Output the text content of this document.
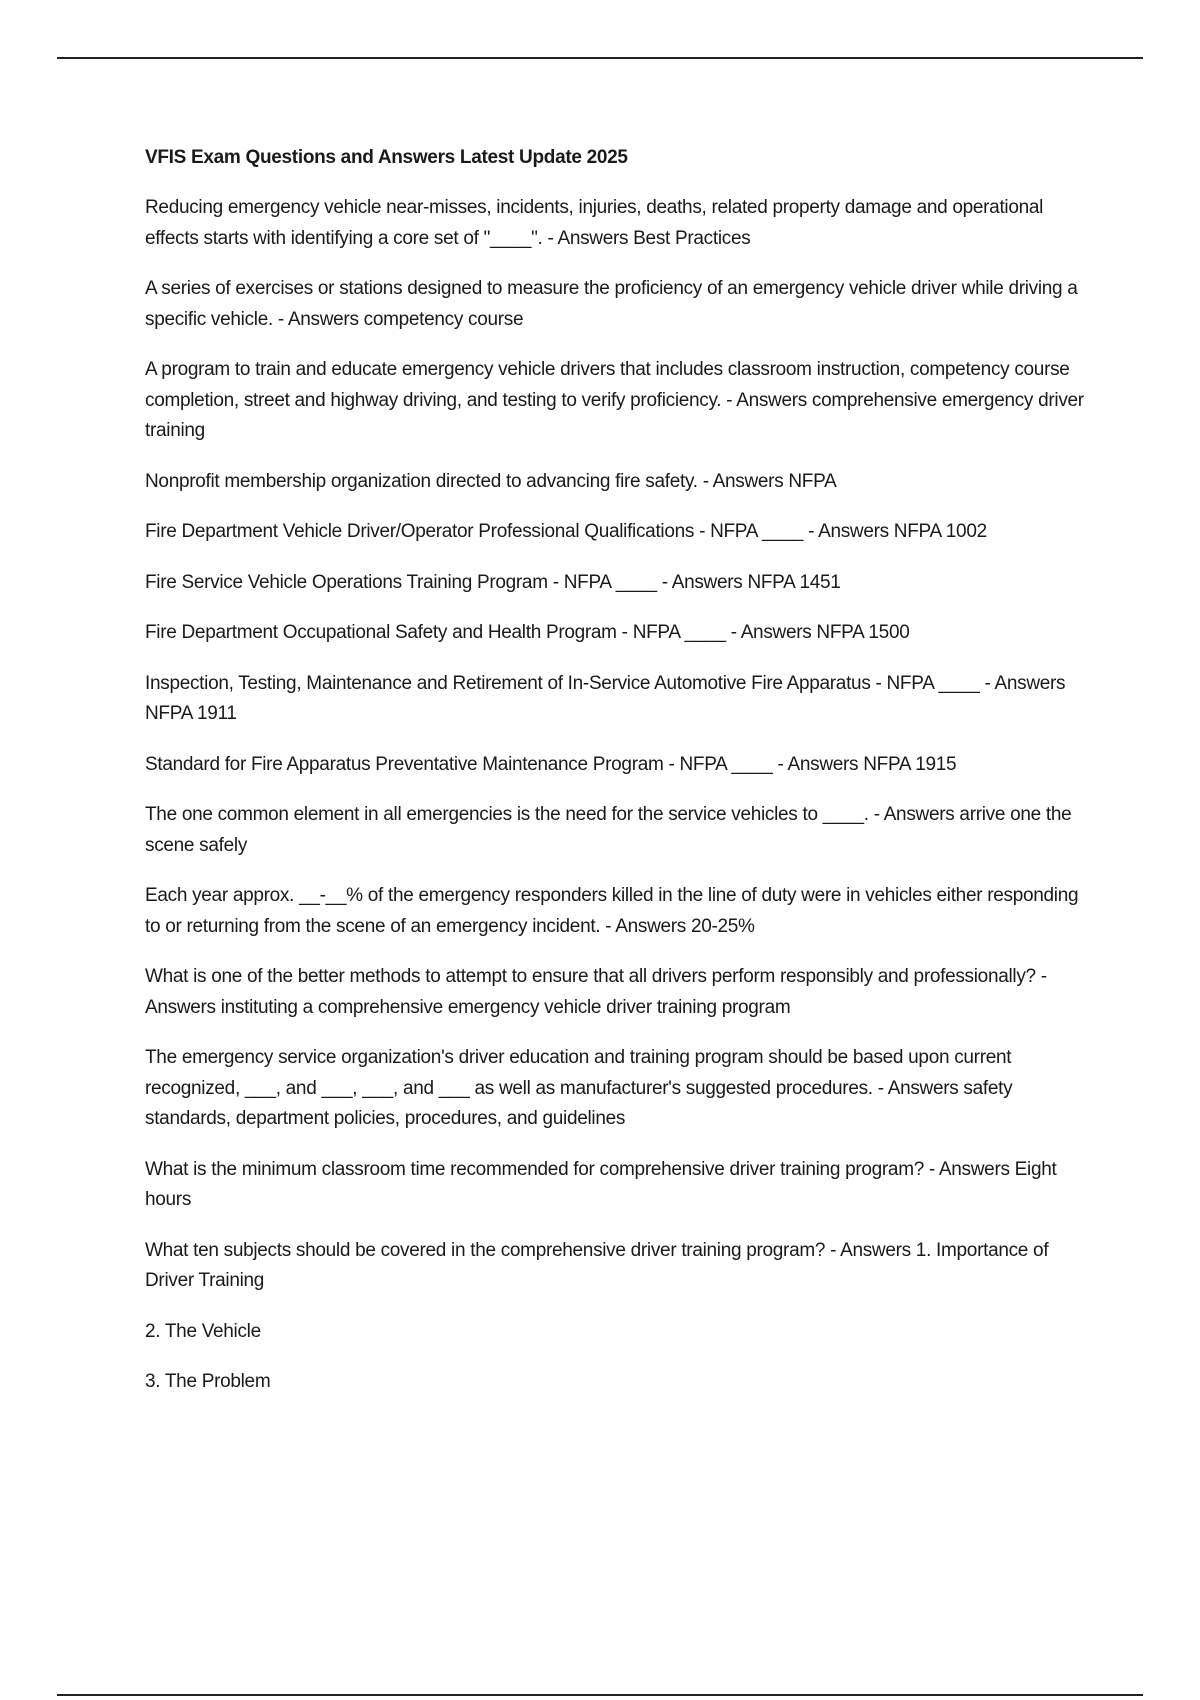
VFIS Exam Questions and Answers Latest Update 2025

Reducing emergency vehicle near-misses, incidents, injuries, deaths, related property damage and operational effects starts with identifying a core set of "____". - Answers Best Practices

A series of exercises or stations designed to measure the proficiency of an emergency vehicle driver while driving a specific vehicle. - Answers competency course

A program to train and educate emergency vehicle drivers that includes classroom instruction, competency course completion, street and highway driving, and testing to verify proficiency. - Answers comprehensive emergency driver training

Nonprofit membership organization directed to advancing fire safety. - Answers NFPA

Fire Department Vehicle Driver/Operator Professional Qualifications - NFPA ____ - Answers NFPA 1002

Fire Service Vehicle Operations Training Program - NFPA ____ - Answers NFPA 1451

Fire Department Occupational Safety and Health Program - NFPA ____ - Answers NFPA 1500

Inspection, Testing, Maintenance and Retirement of In-Service Automotive Fire Apparatus - NFPA ____ - Answers NFPA 1911

Standard for Fire Apparatus Preventative Maintenance Program - NFPA ____ - Answers NFPA 1915

The one common element in all emergencies is the need for the service vehicles to ____. - Answers arrive one the scene safely

Each year approx. __-__% of the emergency responders killed in the line of duty were in vehicles either responding to or returning from the scene of an emergency incident. - Answers 20-25%

What is one of the better methods to attempt to ensure that all drivers perform responsibly and professionally? - Answers instituting a comprehensive emergency vehicle driver training program

The emergency service organization's driver education and training program should be based upon current recognized, ___, and ___, ___, and ___ as well as manufacturer's suggested procedures. - Answers safety standards, department policies, procedures, and guidelines

What is the minimum classroom time recommended for comprehensive driver training program? - Answers Eight hours

What ten subjects should be covered in the comprehensive driver training program? - Answers 1. Importance of Driver Training

2. The Vehicle

3. The Problem
